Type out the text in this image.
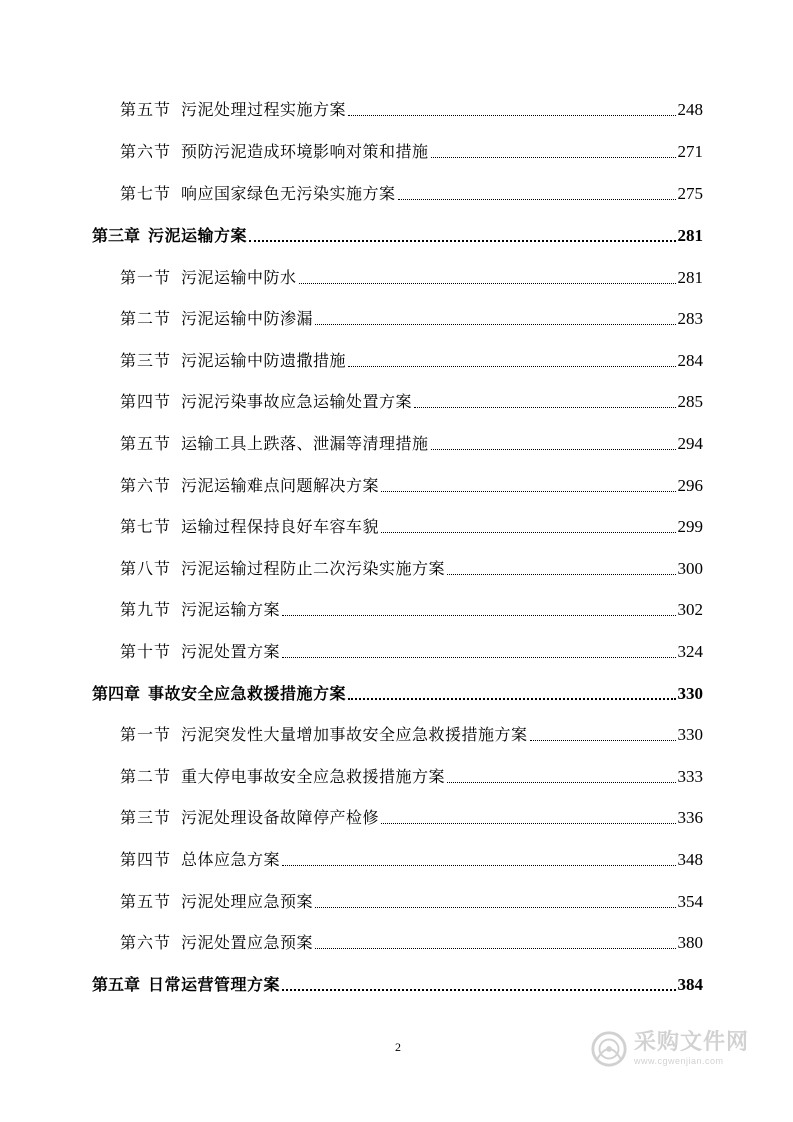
第五节 污泥处理过程实施方案	248
第六节 预防污泥造成环境影响对策和措施	271
第七节 响应国家绿色无污染实施方案	275
第三章 污泥运输方案	281
第一节 污泥运输中防水	281
第二节 污泥运输中防渗漏	283
第三节 污泥运输中防遗撒措施	284
第四节 污泥污染事故应急运输处置方案	285
第五节 运输工具上跌落、泄漏等清理措施	294
第六节 污泥运输难点问题解决方案	296
第七节 运输过程保持良好车容车貌	299
第八节 污泥运输过程防止二次污染实施方案	300
第九节 污泥运输方案	302
第十节 污泥处置方案	324
第四章 事故安全应急救援措施方案	330
第一节 污泥突发性大量增加事故安全应急救援措施方案	330
第二节 重大停电事故安全应急救援措施方案	333
第三节 污泥处理设备故障停产检修	336
第四节 总体应急方案	348
第五节 污泥处理应急预案	354
第六节 污泥处置应急预案	380
第五章 日常运营管理方案	384
2	采购文件网
www.cgwenjian.com
